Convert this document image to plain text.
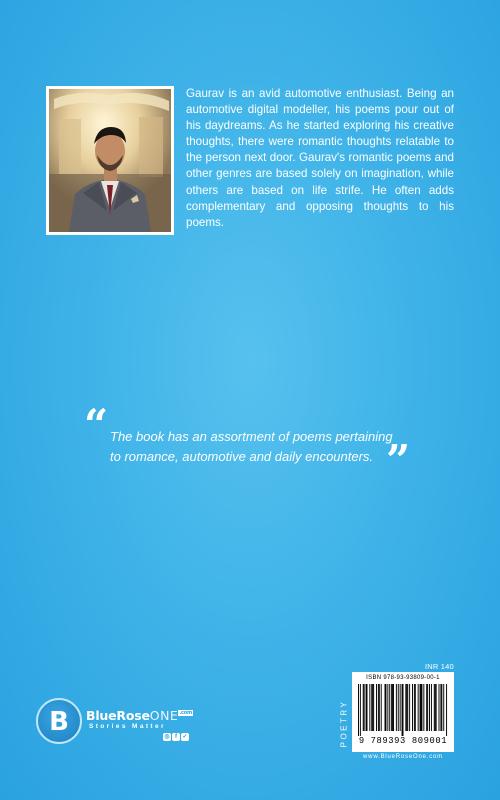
Gaurav is an avid automotive enthusiast. Being an automotive digital modeller, his poems pour out of his daydreams. As he started exploring his creative thoughts, there were romantic thoughts relatable to the person next door. Gaurav's romantic poems and other genres are based solely on imagination, while others are based on life strife. He often adds complementary and opposing thoughts to his poems.

“ The book has an assortment of poems pertaining to romance, automotive and daily encounters. ”
B	BlueRoseONE.com
Stories Matter
◎ f ✓
INR 140
POETRY
ISBN 978-93-93809-00-1
9 789393 809001
www.BlueRoseOne.com
